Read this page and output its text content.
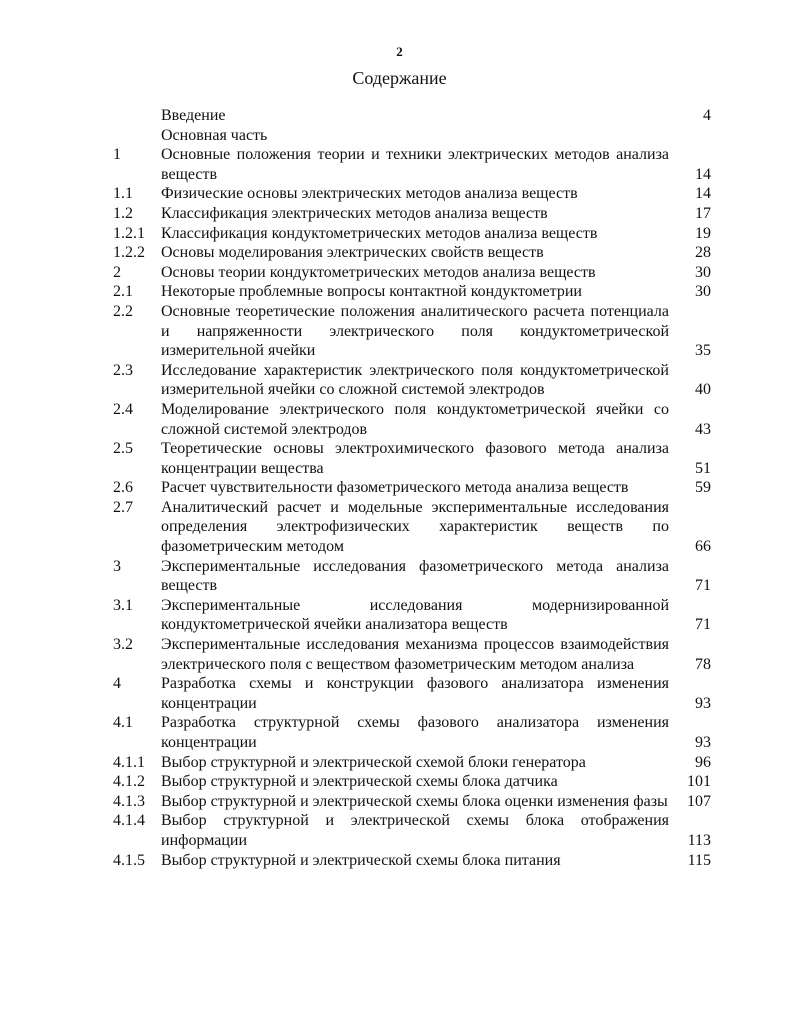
2
Содержание
Введение	4
Основная часть
1	Основные положения теории и техники электрических методов анализа веществ	14
1.1 Физические основы электрических методов анализа веществ	14
1.2 Классификация электрических методов анализа веществ	17
1.2.1 Классификация кондуктометрических методов анализа веществ	19
1.2.2 Основы моделирования электрических свойств веществ	28
2	Основы теории кондуктометрических методов анализа веществ	30
2.1 Некоторые проблемные вопросы контактной кондуктометрии	30
2.2 Основные теоретические положения аналитического расчета потенциала и напряженности электрического поля кондуктометрической измерительной ячейки	35
2.3 Исследование характеристик электрического поля кондуктометрической измерительной ячейки со сложной системой электродов	40
2.4 Моделирование электрического поля кондуктометрической ячейки со сложной системой электродов	43
2.5 Теоретические основы электрохимического фазового метода анализа концентрации вещества	51
2.6 Расчет чувствительности фазометрического метода анализа веществ	59
2.7 Аналитический расчет и модельные экспериментальные исследования определения электрофизических характеристик веществ по фазометрическим методом	66
3	Экспериментальные исследования фазометрического метода анализа веществ	71
3.1 Экспериментальные исследования модернизированной кондуктометрической ячейки анализатора веществ	71
3.2 Экспериментальные исследования механизма процессов взаимодействия электрического поля с веществом фазометрическим методом анализа	78
4	Разработка схемы и конструкции фазового анализатора изменения концентрации	93
4.1 Разработка структурной схемы фазового анализатора изменения концентрации	93
4.1.1 Выбор структурной и электрической схемой блоки генератора	96
4.1.2 Выбор структурной и электрической схемы блока датчика	101
4.1.3 Выбор структурной и электрической схемы блока оценки изменения фазы 107
4.1.4 Выбор структурной и электрической схемы блока отображения информации	113
4.1.5 Выбор структурной и электрической схемы блока питания	115
